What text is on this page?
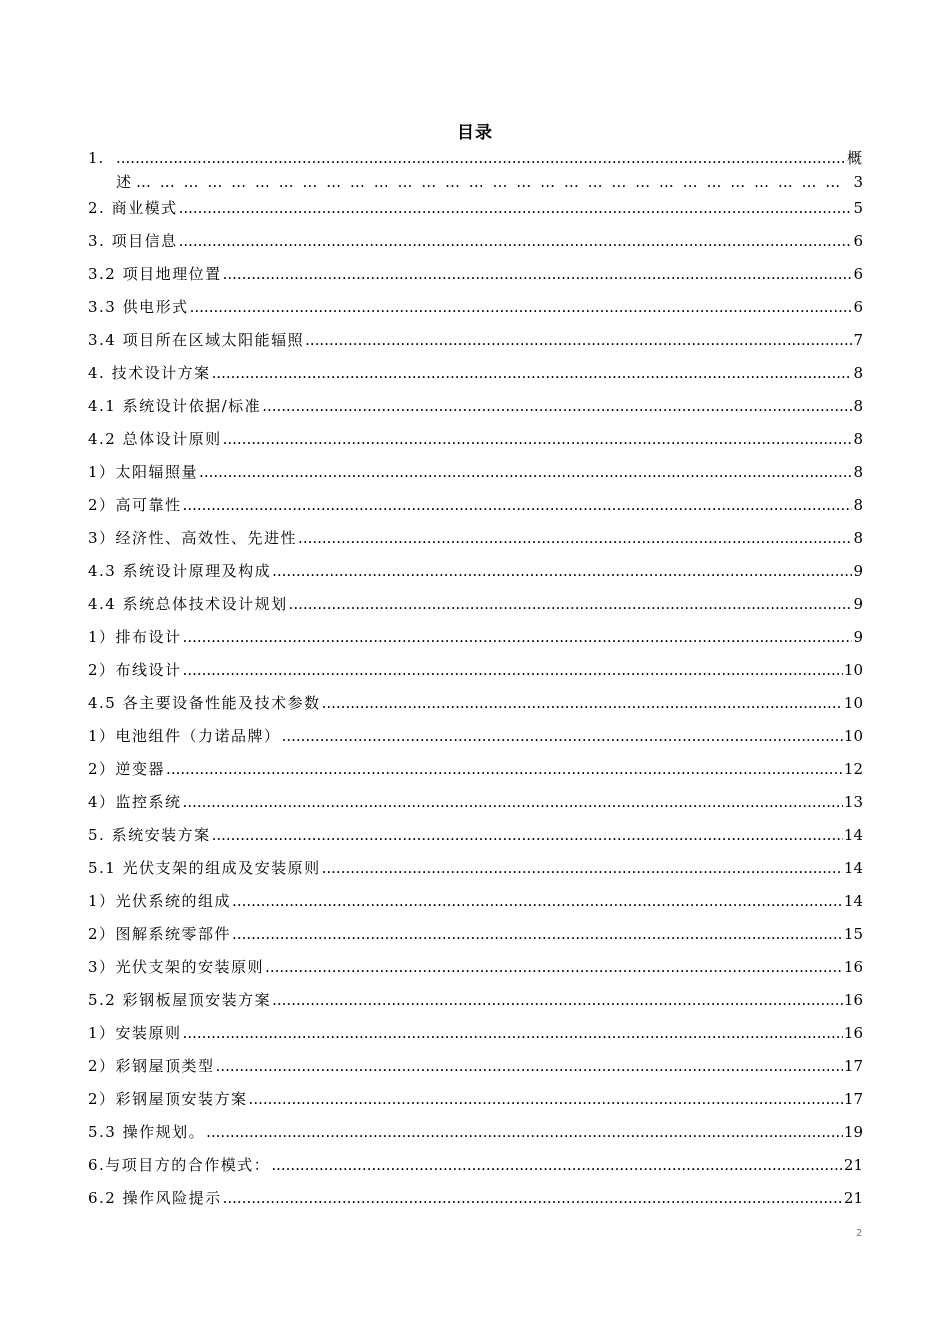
目录
1. .....	概
述 … … … … … … … … … … … … … … … … … … … … … … … … … … … … … … … … … … … … … … … … … … … … … … … … … …	3
2. 商业模式 .....	5
3. 项目信息 .....	6
3.2 项目地理位置 .....	6
3.3 供电形式 .....	6
3.4 项目所在区域太阳能辐照 .....	7
4. 技术设计方案 .....	8
4.1 系统设计依据/标准 .....	8
4.2 总体设计原则 .....	8
1）太阳辐照量 .....	8
2）高可靠性 .....	8
3）经济性、高效性、先进性 .....	8
4.3 系统设计原理及构成 .....	9
4.4 系统总体技术设计规划 .....	9
1）排布设计 .....	9
2）布线设计 .....	10
4.5 各主要设备性能及技术参数 .....	10
1）电池组件（力诺品牌） .....	10
2）逆变器 .....	12
4）监控系统 .....	13
5. 系统安装方案 .....	14
5.1 光伏支架的组成及安装原则 .....	14
1）光伏系统的组成 .....	14
2）图解系统零部件 .....	15
3）光伏支架的安装原则 .....	16
5.2 彩钢板屋顶安装方案 .....	16
1）安装原则 .....	16
2）彩钢屋顶类型 .....	17
2）彩钢屋顶安装方案 .....	17
5.3 操作规划。 .....	19
6.与项目方的合作模式： .....	21
6.2 操作风险提示 .....	21
2
